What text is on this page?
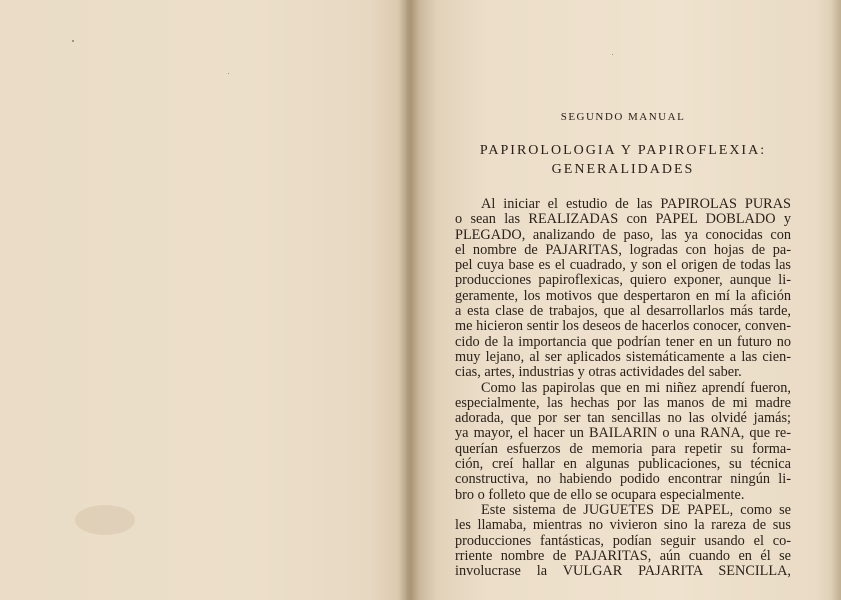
SEGUNDO MANUAL
PAPIROLOLOGIA Y PAPIROFLEXIA:
GENERALIDADES
Al iniciar el estudio de las PAPIROLAS PURAS
o sean las REALIZADAS con PAPEL DOBLADO y
PLEGADO, analizando de paso, las ya conocidas con
el nombre de PAJARITAS, logradas con hojas de pa-
pel cuya base es el cuadrado, y son el origen de todas las
producciones papiroflexicas, quiero exponer, aunque li-
geramente, los motivos que despertaron en mí la afición
a esta clase de trabajos, que al desarrollarlos más tarde,
me hicieron sentir los deseos de hacerlos conocer, conven-
cido de la importancia que podrían tener en un futuro no
muy lejano, al ser aplicados sistemáticamente a las cien-
cias, artes, industrias y otras actividades del saber.
Como las papirolas que en mi niñez aprendí fueron,
especialmente, las hechas por las manos de mi madre
adorada, que por ser tan sencillas no las olvidé jamás;
ya mayor, el hacer un BAILARIN o una RANA, que re-
querían esfuerzos de memoria para repetir su forma-
ción, creí hallar en algunas publicaciones, su técnica
constructiva, no habiendo podido encontrar ningún li-
bro o folleto que de ello se ocupara especialmente.
Este sistema de JUGUETES DE PAPEL, como se
les llamaba, mientras no vivieron sino la rareza de sus
producciones fantásticas, podían seguir usando el co-
rriente nombre de PAJARITAS, aún cuando en él se
involucrase la VULGAR PAJARITA SENCILLA,
